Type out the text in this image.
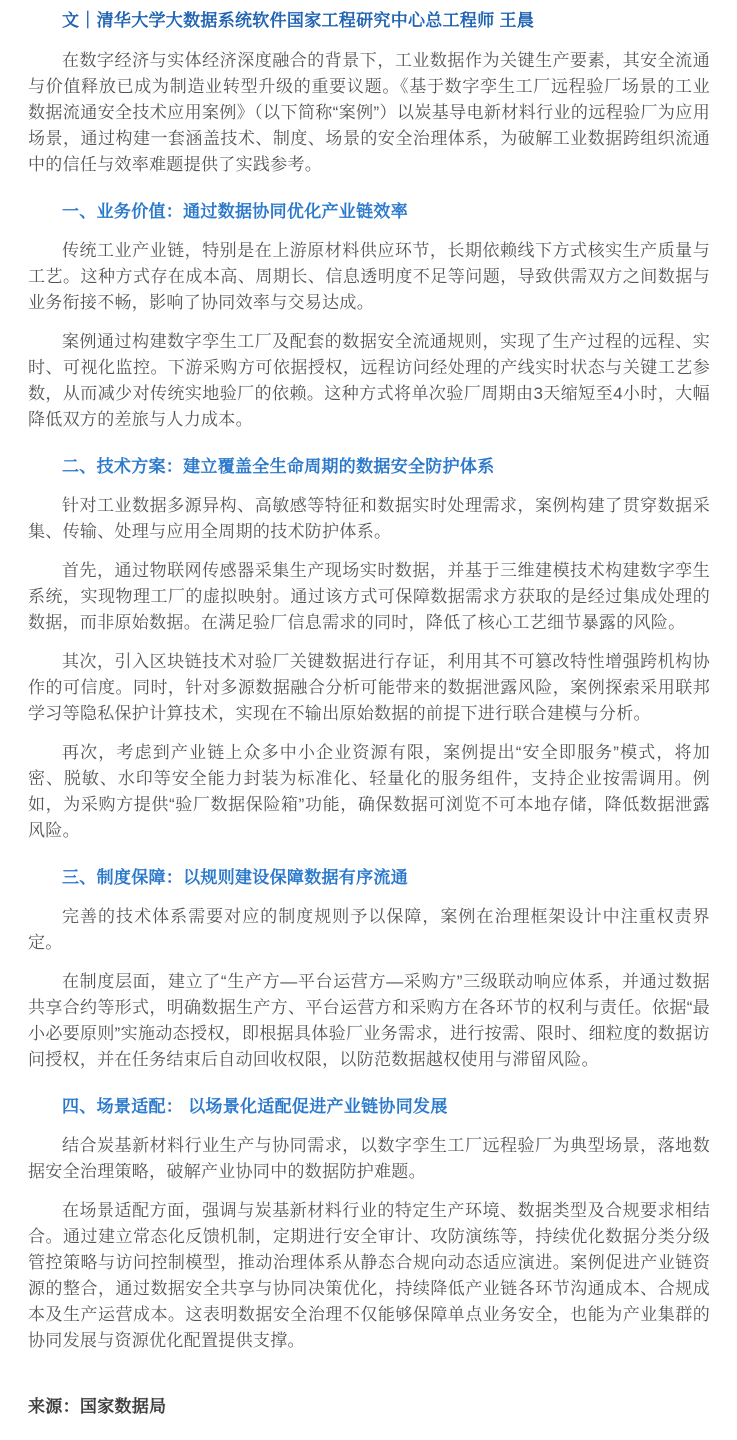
文｜清华大学大数据系统软件国家工程研究中心总工程师 王晨

在数字经济与实体经济深度融合的背景下，工业数据作为关键生产要素，其安全流通与价值释放已成为制造业转型升级的重要议题。《基于数字孪生工厂远程验厂场景的工业数据流通安全技术应用案例》（以下简称“案例”）以炭基导电新材料行业的远程验厂为应用场景，通过构建一套涵盖技术、制度、场景的安全治理体系，为破解工业数据跨组织流通中的信任与效率难题提供了实践参考。

一、业务价值：通过数据协同优化产业链效率

传统工业产业链，特别是在上游原材料供应环节，长期依赖线下方式核实生产质量与工艺。这种方式存在成本高、周期长、信息透明度不足等问题，导致供需双方之间数据与业务衔接不畅，影响了协同效率与交易达成。

案例通过构建数字孪生工厂及配套的数据安全流通规则，实现了生产过程的远程、实时、可视化监控。下游采购方可依据授权，远程访问经处理的产线实时状态与关键工艺参数，从而减少对传统实地验厂的依赖。这种方式将单次验厂周期由3天缩短至4小时，大幅降低双方的差旅与人力成本。

二、技术方案：建立覆盖全生命周期的数据安全防护体系

针对工业数据多源异构、高敏感等特征和数据实时处理需求，案例构建了贯穿数据采集、传输、处理与应用全周期的技术防护体系。

首先，通过物联网传感器采集生产现场实时数据，并基于三维建模技术构建数字孪生系统，实现物理工厂的虚拟映射。通过该方式可保障数据需求方获取的是经过集成处理的数据，而非原始数据。在满足验厂信息需求的同时，降低了核心工艺细节暴露的风险。

其次，引入区块链技术对验厂关键数据进行存证，利用其不可篡改特性增强跨机构协作的可信度。同时，针对多源数据融合分析可能带来的数据泄露风险，案例探索采用联邦学习等隐私保护计算技术，实现在不输出原始数据的前提下进行联合建模与分析。

再次，考虑到产业链上众多中小企业资源有限，案例提出“安全即服务”模式，将加密、脱敏、水印等安全能力封装为标准化、轻量化的服务组件，支持企业按需调用。例如，为采购方提供“验厂数据保险箱”功能，确保数据可浏览不可本地存储，降低数据泄露风险。

三、制度保障：以规则建设保障数据有序流通

完善的技术体系需要对应的制度规则予以保障，案例在治理框架设计中注重权责界定。

在制度层面，建立了“生产方—平台运营方—采购方”三级联动响应体系，并通过数据共享合约等形式，明确数据生产方、平台运营方和采购方在各环节的权利与责任。依据“最小必要原则”实施动态授权，即根据具体验厂业务需求，进行按需、限时、细粒度的数据访问授权，并在任务结束后自动回收权限，以防范数据越权使用与滞留风险。

四、场景适配： 以场景化适配促进产业链协同发展

结合炭基新材料行业生产与协同需求，以数字孪生工厂远程验厂为典型场景，落地数据安全治理策略，破解产业协同中的数据防护难题。

在场景适配方面，强调与炭基新材料行业的特定生产环境、数据类型及合规要求相结合。通过建立常态化反馈机制，定期进行安全审计、攻防演练等，持续优化数据分类分级管控策略与访问控制模型，推动治理体系从静态合规向动态适应演进。案例促进产业链资源的整合，通过数据安全共享与协同决策优化，持续降低产业链各环节沟通成本、合规成本及生产运营成本。这表明数据安全治理不仅能够保障单点业务安全，也能为产业集群的协同发展与资源优化配置提供支撑。

来源：国家数据局
